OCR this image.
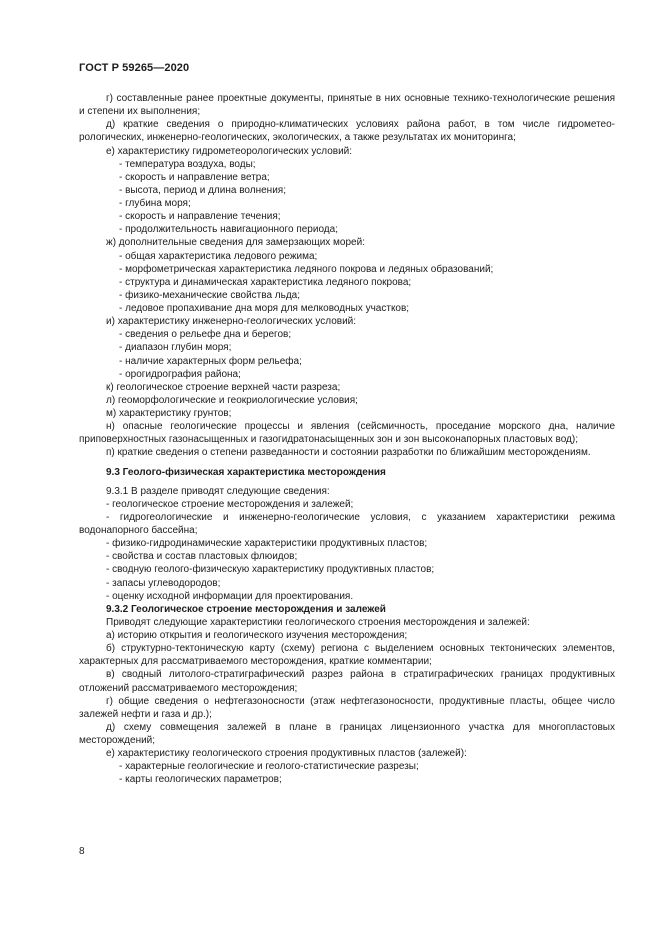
ГОСТ Р 59265—2020

г) составленные ранее проектные документы, принятые в них основные технико-технологические решения и степени их выполнения;

д) краткие сведения о природно-климатических условиях района работ, в том числе гидрометеорологических, инженерно-геологических, экологических, а также результатах их мониторинга;

е) характеристику гидрометеорологических условий:

- температура воздуха, воды;

- скорость и направление ветра;

- высота, период и длина волнения;

- глубина моря;

- скорость и направление течения;

- продолжительность навигационного периода;

ж) дополнительные сведения для замерзающих морей:

- общая характеристика ледового режима;

- морфометрическая характеристика ледяного покрова и ледяных образований;

- структура и динамическая характеристика ледяного покрова;

- физико-механические свойства льда;

- ледовое пропахивание дна моря для мелководных участков;

и) характеристику инженерно-геологических условий:

- сведения о рельефе дна и берегов;

- диапазон глубин моря;

- наличие характерных форм рельефа;

- орогидрография района;

к) геологическое строение верхней части разреза;

л) геоморфологические и геокриологические условия;

м) характеристику грунтов;

н) опасные геологические процессы и явления (сейсмичность, проседание морского дна, наличие приповерхностных газонасыщенных и газогидратонасыщенных зон и зон высоконапорных пластовых вод);

п) краткие сведения о степени разведанности и состоянии разработки по ближайшим месторождениям.

9.3 Геолого-физическая характеристика месторождения

9.3.1 В разделе приводят следующие сведения:

- геологическое строение месторождения и залежей;

- гидрогеологические и инженерно-геологические условия, с указанием характеристики режима водонапорного бассейна;

- физико-гидродинамические характеристики продуктивных пластов;

- свойства и состав пластовых флюидов;

- сводную геолого-физическую характеристику продуктивных пластов;

- запасы углеводородов;

- оценку исходной информации для проектирования.

9.3.2 Геологическое строение месторождения и залежей

Приводят следующие характеристики геологического строения месторождения и залежей:

а) историю открытия и геологического изучения месторождения;

б) структурно-тектоническую карту (схему) региона с выделением основных тектонических элементов, характерных для рассматриваемого месторождения, краткие комментарии;

в) сводный литолого-стратиграфический разрез района в стратиграфических границах продуктивных отложений рассматриваемого месторождения;

г) общие сведения о нефтегазоносности (этаж нефтегазоносности, продуктивные пласты, общее число залежей нефти и газа и др.);

д) схему совмещения залежей в плане в границах лицензионного участка для многопластовых месторождений;

е) характеристику геологического строения продуктивных пластов (залежей):

- характерные геологические и геолого-статистические разрезы;

- карты геологических параметров;

8
